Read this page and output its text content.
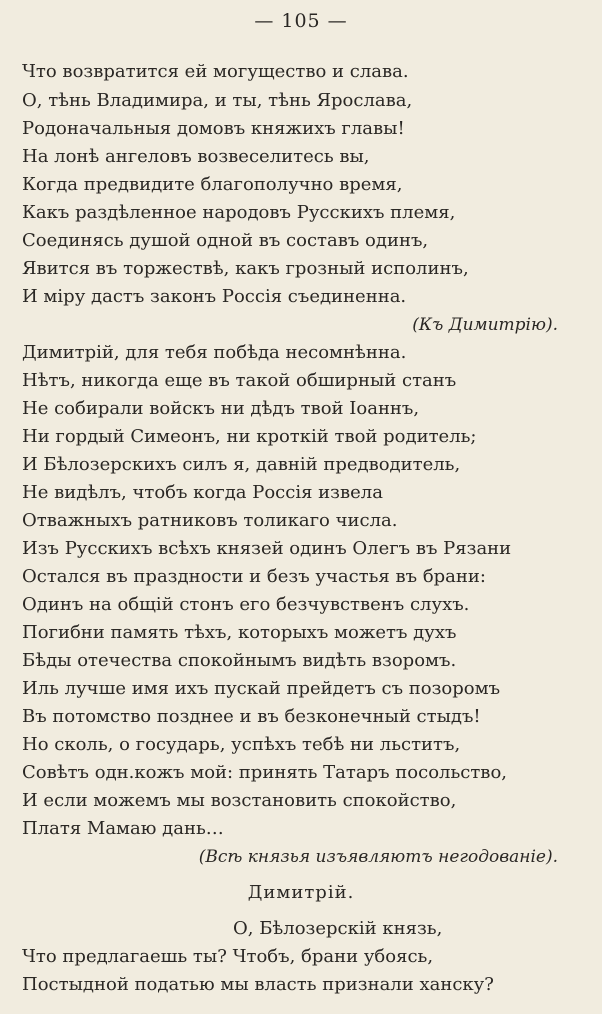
— 105 —
Что возвратится ей могущество и слава.
О, тѣнь Владимира, и ты, тѣнь Ярослава,
Родоначальныя домовъ княжихъ главы!
На лонѣ ангеловъ возвеселитесь вы,
Когда предвидите благополучно время,
Какъ раздѣленное народовъ Русскихъ племя,
Соединясь душой одной въ составъ одинъ,
Явится въ торжествѣ, какъ грозный исполинъ,
И міру дастъ законъ Россія съединенна.
(Къ Димитрію).
Димитрій, для тебя побѣда несомнѣнна.
Нѣтъ, никогда еще въ такой обширный станъ
Не собирали войскъ ни дѣдъ твой Іоаннъ,
Ни гордый Симеонъ, ни кроткій твой родитель;
И Бѣлозерскихъ силъ я, давній предводитель,
Не видѣлъ, чтобъ когда Россія извела
Отважныхъ ратниковъ толикаго числа.
Изъ Русскихъ всѣхъ князей одинъ Олегъ въ Рязани
Остался въ праздности и безъ участья въ брани:
Одинъ на общій стонъ его безчувственъ слухъ.
Погибни память тѣхъ, которыхъ можетъ духъ
Бѣды отечества спокойнымъ видѣть взоромъ.
Иль лучше имя ихъ пускай прейдетъ съ позоромъ
Въ потомство позднее и въ безконечный стыдъ!
Но сколь, о государь, успѣхъ тебѣ ни льститъ,
Совѣтъ одн.кожъ мой: принять Татаръ посольство,
И если можемъ мы возстановить спокойство,
Платя Мамаю дань…
(Всѣ князья изъявляютъ негодованіе).
Димитрій.
О, Бѣлозерскій князь,
Что предлагаешь ты? Чтобъ, брани убоясь,
Постыдной податью мы власть признали ханску?
